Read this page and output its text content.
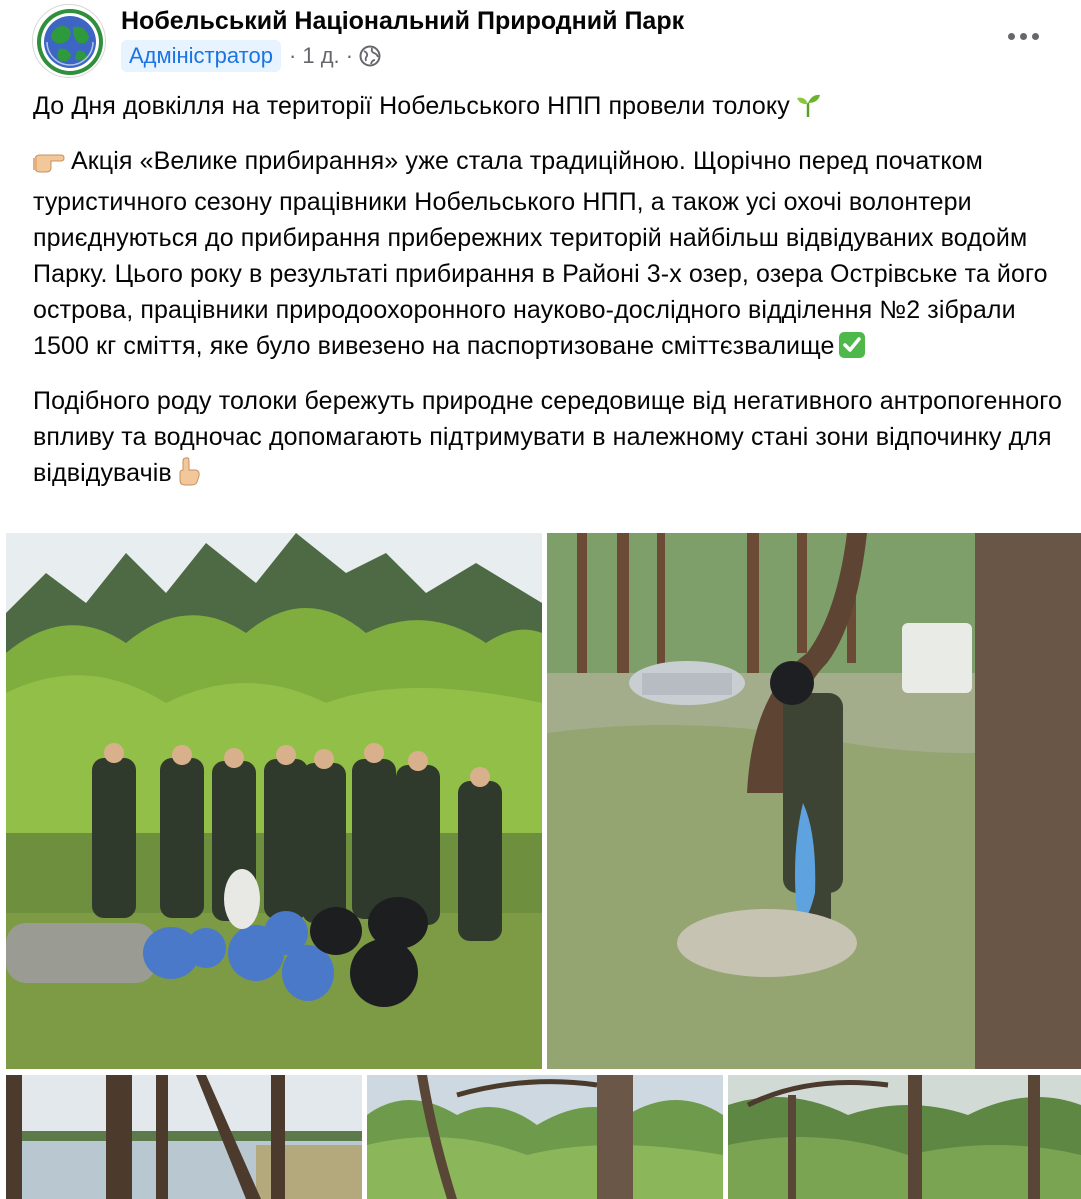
Нобельський Національний Природний Парк
Адміністратор · 1 д. ·

До Дня довкілля на території Нобельського НПП провели толоку

Акція «Велике прибирання» уже стала традиційною. Щорічно перед початком туристичного сезону працівники Нобельського НПП, а також усі охочі волонтери приєднуються до прибирання прибережних територій найбільш відвідуваних водойм Парку. Цього року в результаті прибирання в Районі 3-х озер, озера Острівське та його острова, працівники природоохоронного науково-дослідного відділення №2 зібрали 1500 кг сміття, яке було вивезено на паспортизоване сміттєзвалище

Подібного роду толоки бережуть природне середовище від негативного антропогенного впливу та водночас допомагають підтримувати в належному стані зони відпочинку для відвідувачів
